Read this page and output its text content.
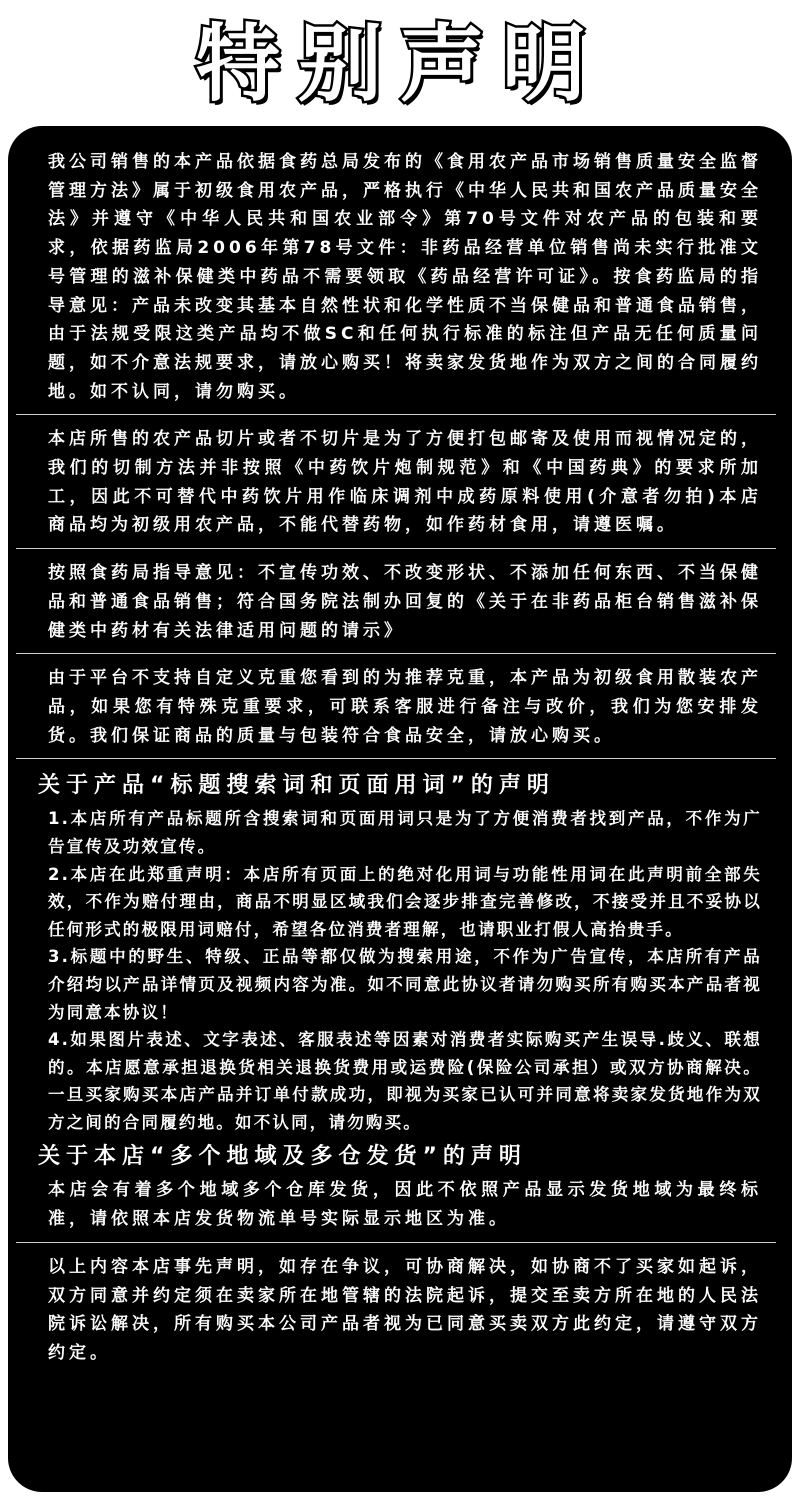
特别声明

我公司销售的本产品依据食药总局发布的《食用农产品市场销售质量安全监督管理方法》属于初级食用农产品，严格执行《中华人民共和国农产品质量安全法》并遵守《中华人民共和国农业部令》第70号文件对农产品的包装和要求，依据药监局2006年第78号文件：非药品经营单位销售尚未实行批准文号管理的滋补保健类中药品不需要领取《药品经营许可证》。按食药监局的指导意见：产品未改变其基本自然性状和化学性质不当保健品和普通食品销售，由于法规受限这类产品均不做SC和任何执行标准的标注但产品无任何质量问题，如不介意法规要求，请放心购买！将卖家发货地作为双方之间的合同履约地。如不认同，请勿购买。

本店所售的农产品切片或者不切片是为了方便打包邮寄及使用而视情况定的，我们的切制方法并非按照《中药饮片炮制规范》和《中国药典》的要求所加工，因此不可替代中药饮片用作临床调剂中成药原料使用(介意者勿拍)本店商品均为初级用农产品，不能代替药物，如作药材食用，请遵医嘱。

按照食药局指导意见：不宣传功效、不改变形状、不添加任何东西、不当保健品和普通食品销售；符合国务院法制办回复的《关于在非药品柜台销售滋补保健类中药材有关法律适用问题的请示》

由于平台不支持自定义克重您看到的为推荐克重，本产品为初级食用散装农产品，如果您有特殊克重要求，可联系客服进行备注与改价，我们为您安排发货。我们保证商品的质量与包装符合食品安全，请放心购买。

关于产品“标题搜索词和页面用词”的声明

1.本店所有产品标题所含搜索词和页面用词只是为了方便消费者找到产品，不作为广告宣传及功效宣传。

2.本店在此郑重声明：本店所有页面上的绝对化用词与功能性用词在此声明前全部失效，不作为赔付理由，商品不明显区域我们会逐步排查完善修改，不接受并且不妥协以任何形式的极限用词赔付，希望各位消费者理解，也请职业打假人高抬贵手。

3.标题中的野生、特级、正品等都仅做为搜索用途，不作为广告宣传，本店所有产品介绍均以产品详情页及视频内容为准。如不同意此协议者请勿购买所有购买本产品者视为同意本协议！

4.如果图片表述、文字表述、客服表述等因素对消费者实际购买产生误导.歧义、联想的。本店愿意承担退换货相关退换货费用或运费险(保险公司承担）或双方协商解决。一旦买家购买本店产品并订单付款成功，即视为买家已认可并同意将卖家发货地作为双方之间的合同履约地。如不认同，请勿购买。

关于本店“多个地域及多仓发货”的声明

本店会有着多个地域多个仓库发货，因此不依照产品显示发货地域为最终标准，请依照本店发货物流单号实际显示地区为准。

以上内容本店事先声明，如存在争议，可协商解决，如协商不了买家如起诉，双方同意并约定须在卖家所在地管辖的法院起诉，提交至卖方所在地的人民法院诉讼解决，所有购买本公司产品者视为已同意买卖双方此约定，请遵守双方约定。
